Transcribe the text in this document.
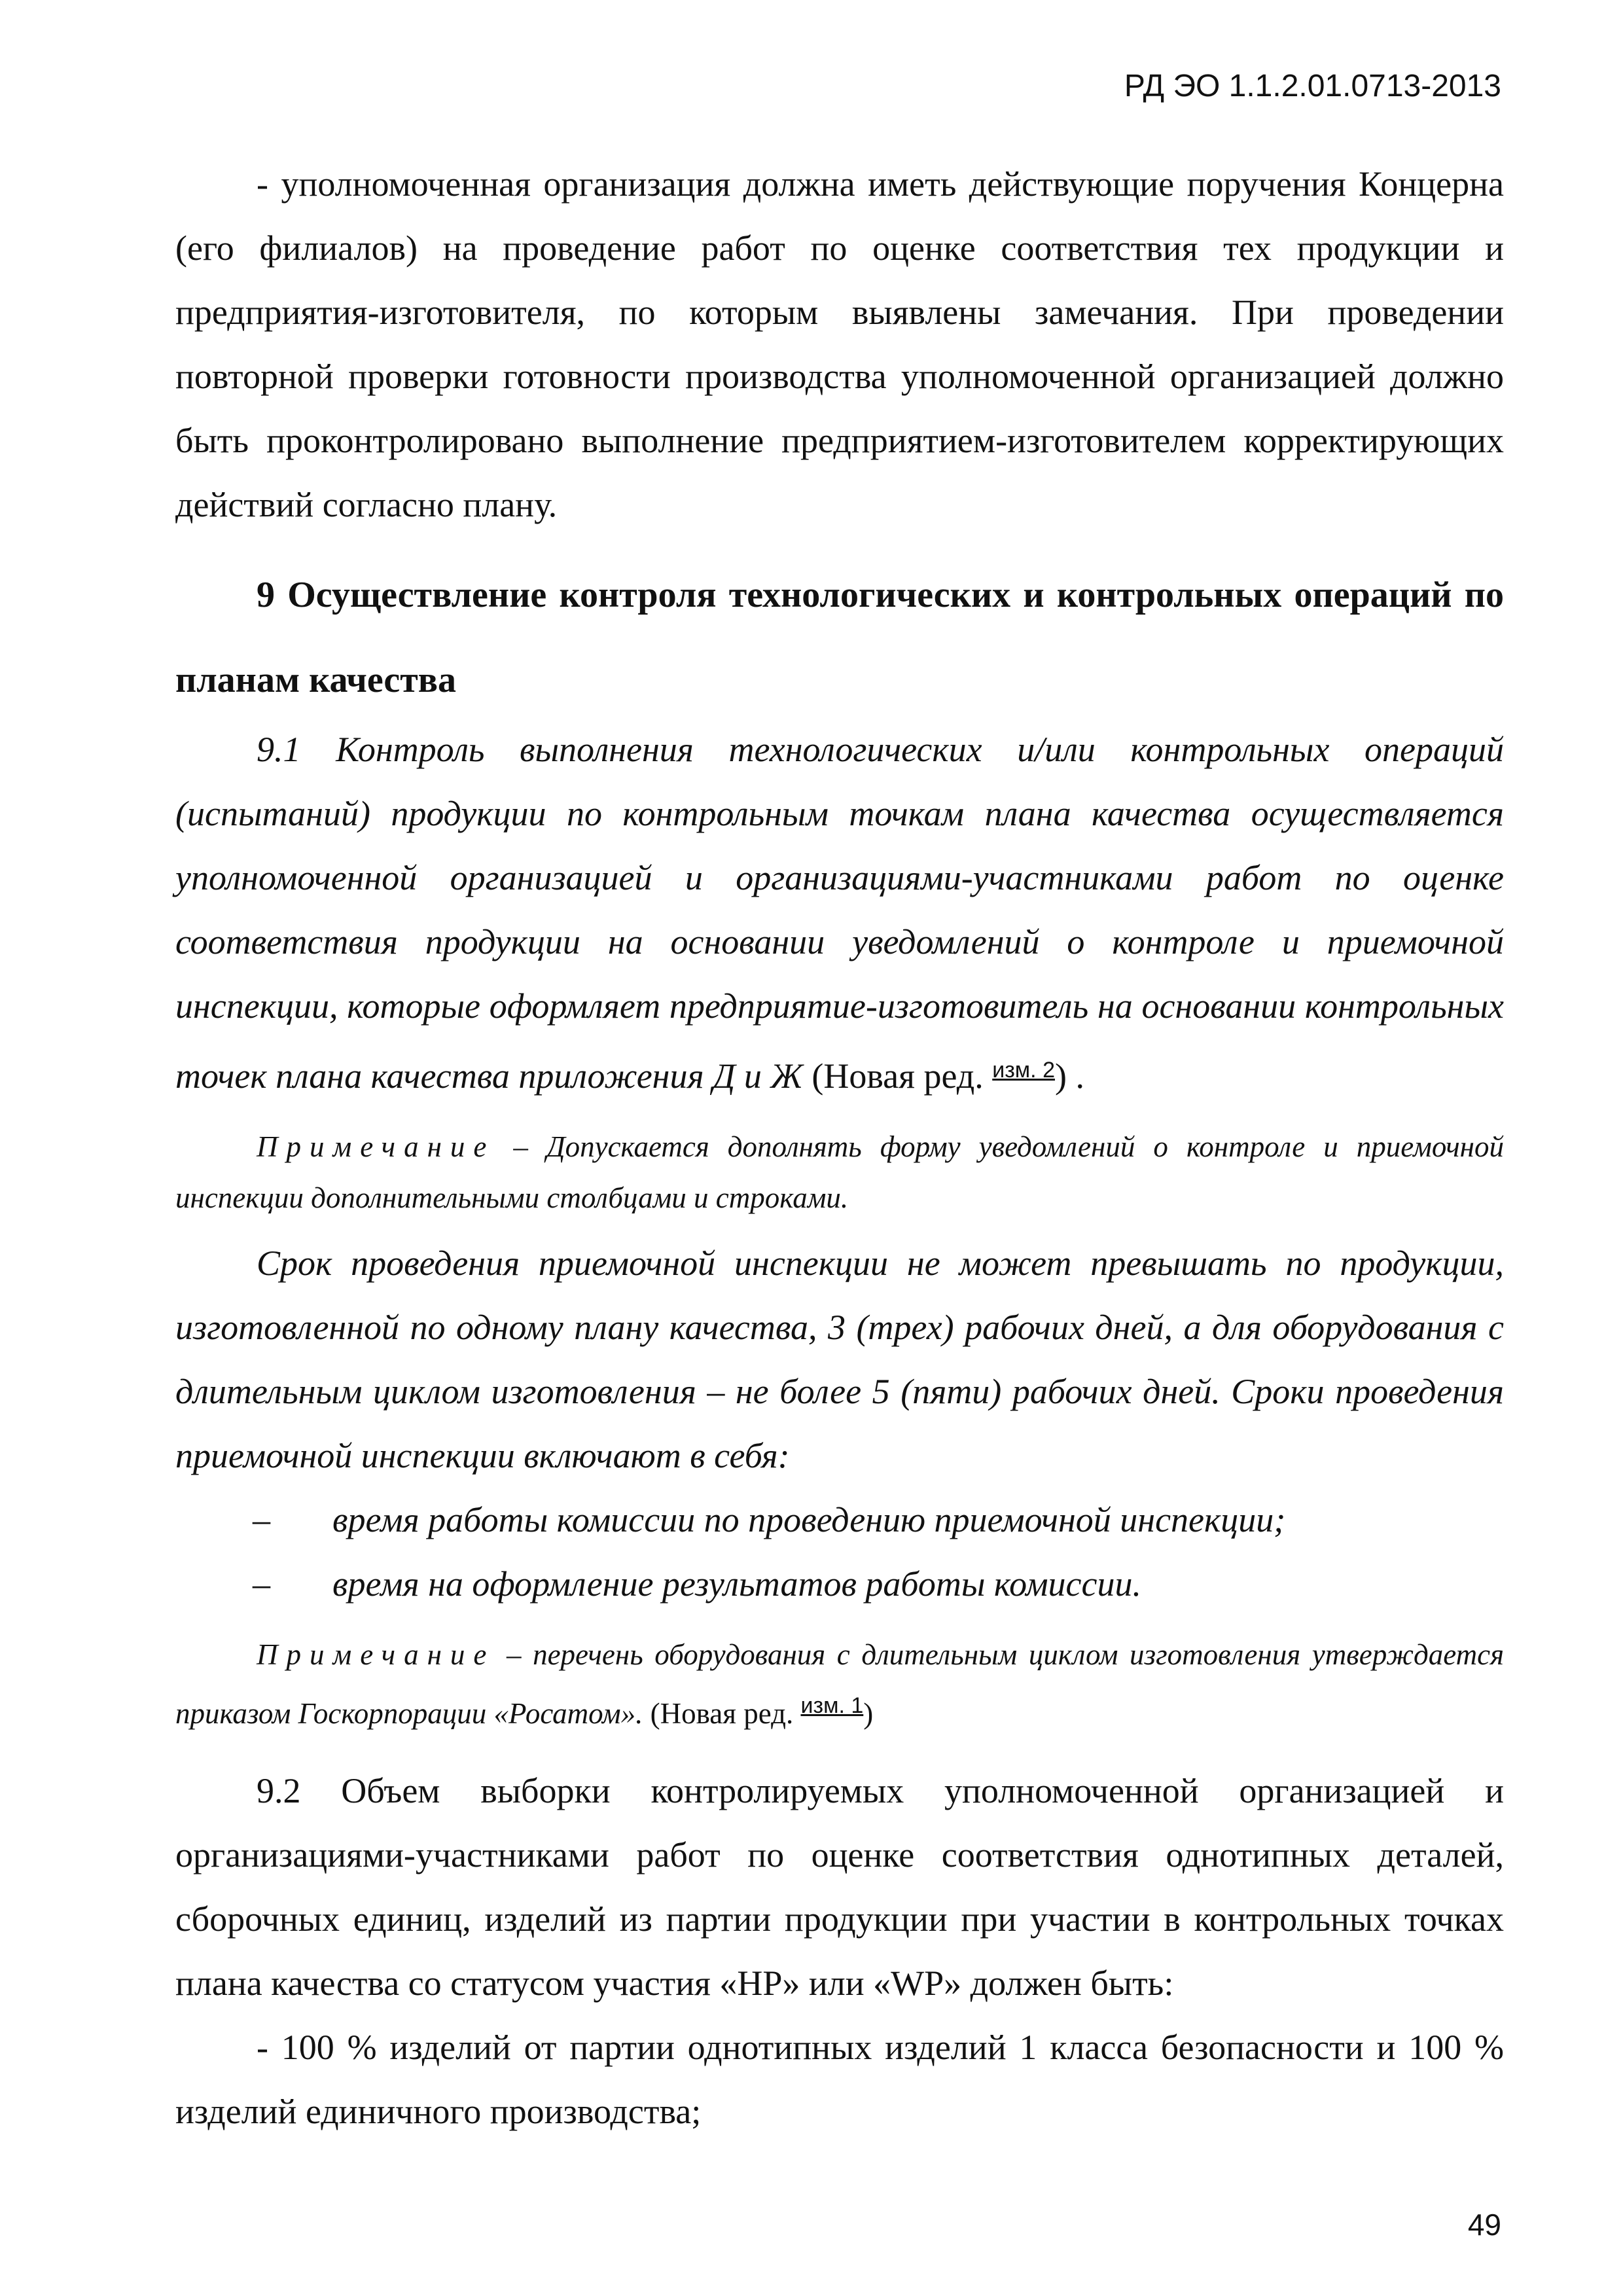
РД ЭО 1.1.2.01.0713-2013

- уполномоченная организация должна иметь действующие поручения Концерна (его филиалов) на проведение работ по оценке соответствия тех продукции и предприятия-изготовителя, по которым выявлены замечания. При проведении повторной проверки готовности производства уполномоченной организацией должно быть проконтролировано выполнение предприятием-изготовителем корректирующих действий согласно плану.

9 Осуществление контроля технологических и контрольных операций по планам качества

9.1 Контроль выполнения технологических и/или контрольных операций (испытаний) продукции по контрольным точкам плана качества осуществляется уполномоченной организацией и организациями-участниками работ по оценке соответствия продукции на основании уведомлений о контроле и приемочной инспекции, которые оформляет предприятие-изготовитель на основании контрольных точек плана качества приложения Д и Ж (Новая ред. $^{изм. 2}$) .

Примечание – Допускается дополнять форму уведомлений о контроле и приемочной инспекции дополнительными столбцами и строками.

Срок проведения приемочной инспекции не может превышать по продукции, изготовленной по одному плану качества, 3 (трех) рабочих дней, а для оборудования с длительным циклом изготовления – не более 5 (пяти) рабочих дней. Сроки проведения приемочной инспекции включают в себя:

– время работы комиссии по проведению приемочной инспекции;

– время на оформление результатов работы комиссии.

Примечание – перечень оборудования с длительным циклом изготовления утверждается приказом Госкорпорации «Росатом». (Новая ред. $^{изм. 1}$)

9.2 Объем выборки контролируемых уполномоченной организацией и организациями-участниками работ по оценке соответствия однотипных деталей, сборочных единиц, изделий из партии продукции при участии в контрольных точках плана качества со статусом участия «HP» или «WP» должен быть:

- 100 % изделий от партии однотипных изделий 1 класса безопасности и 100 % изделий единичного производства;

49
